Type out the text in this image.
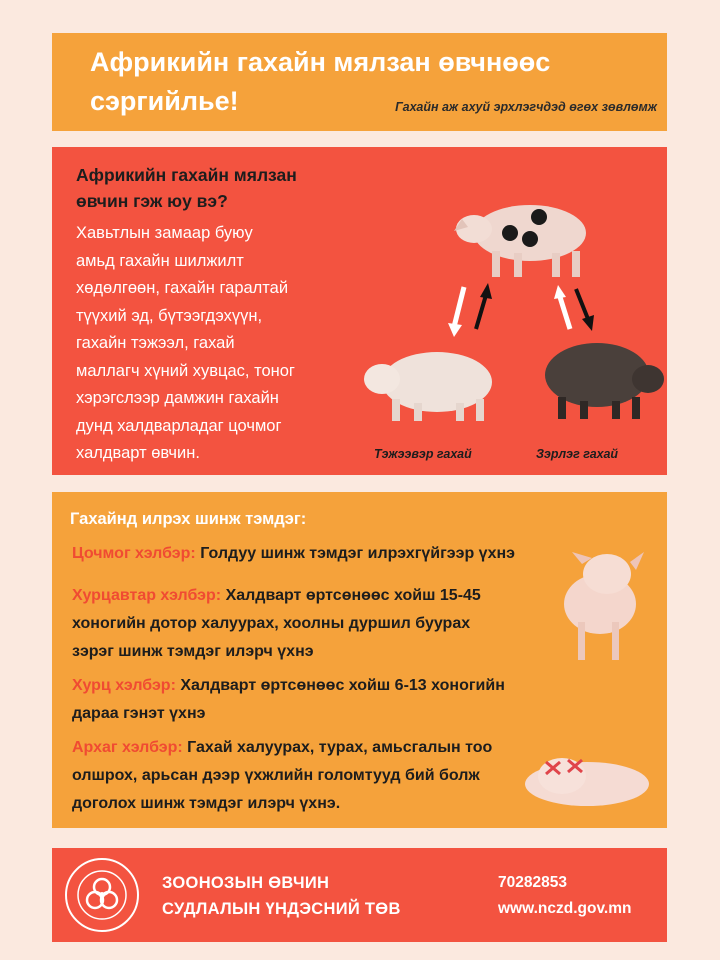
Африкийн гахайн мялзан өвчнөөс
сэргийлье!	Гахайн аж ахуй эрхлэгчдэд өгөх зөвлөмж
Африкийн гахайн мялзан
өвчин гэж юу вэ?
Хавьтлын замаар буюу
амьд гахайн шилжилт
хөдөлгөөн, гахайн гаралтай
түүхий эд, бүтээгдэхүүн,
гахайн тэжээл, гахай
маллагч хүний хувцас, тоног
хэрэгслээр дамжин гахайн
дунд халдварладаг цочмог
халдварт өвчин.	Тэжээвэр гахай	Зэрлэг гахай
Гахайнд илрэх шинж тэмдэг:
Цочмог хэлбэр: Голдуу шинж тэмдэг илрэхгүйгээр үхнэ
Хурцавтар хэлбэр: Халдварт өртсөнөөс хойш 15-45
хоногийн дотор халуурах, хоолны дуршил буурах
зэрэг шинж тэмдэг илэрч үхнэ
Хурц хэлбэр: Халдварт өртсөнөөс хойш 6-13 хоногийн
дараа гэнэт үхнэ
Архаг хэлбэр: Гахай халуурах, турах, амьсгалын тоо
олшрох, арьсан дээр үхжлийн голомтууд бий болж
доголох шинж тэмдэг илэрч үхнэ.
ЗООНОЗЫН ӨВЧИН
СУДЛАЛЫН ҮНДЭСНИЙ ТӨВ
70282853
www.nczd.gov.mn
